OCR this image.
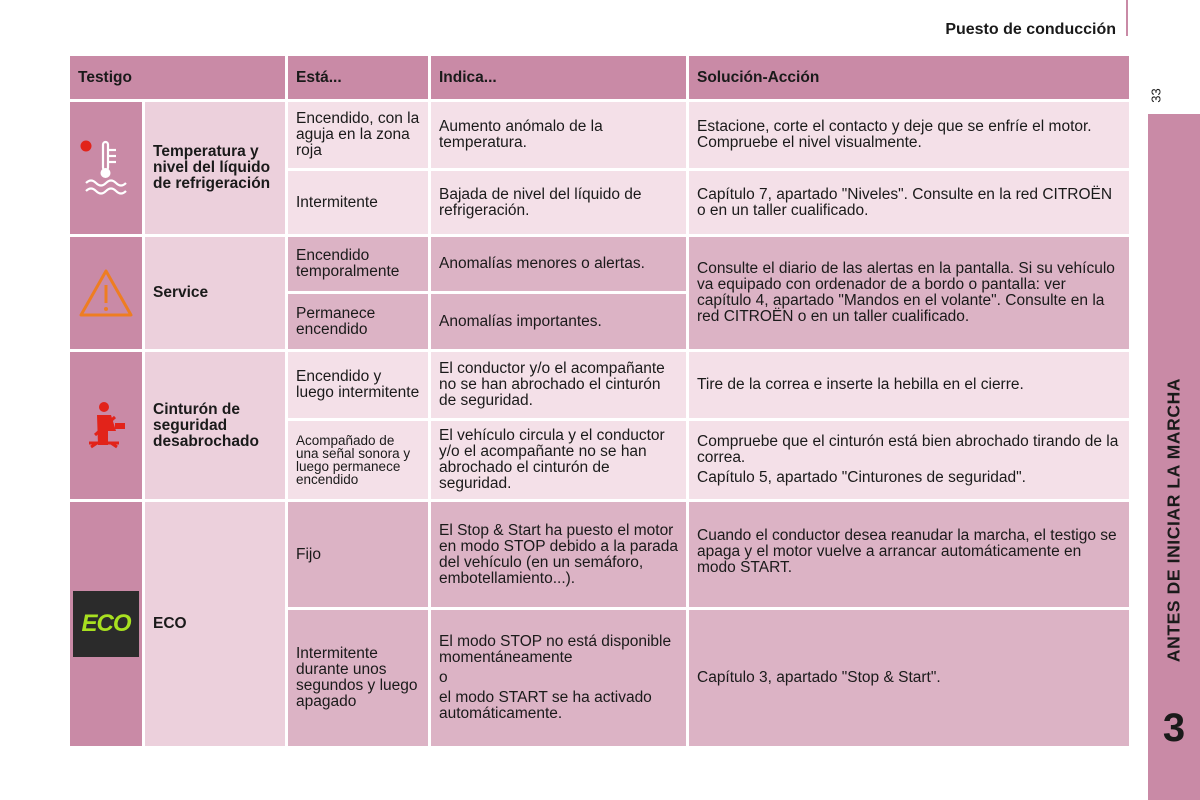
Puesto de conducción
33
ANTES DE INICIAR LA MARCHA
3
Testigo		Está...	Indica...	Solución-Acción

	Temperatura y nivel del líquido de refrigeración	Encendido, con la aguja en la zona roja	Aumento anómalo de la temperatura.	Estacione, corte el contacto y deje que se enfríe el motor. Compruebe el nivel visualmente.
		Intermitente	Bajada de nivel del líquido de refrigeración.	Capítulo 7, apartado "Niveles". Consulte en la red CITROËN o en un taller cualificado.

	Service	Encendido temporalmente	Anomalías menores o alertas.	Consulte el diario de las alertas en la pantalla. Si su vehículo va equipado con ordenador de a bordo o pantalla: ver capítulo 4, apartado "Mandos en el volante". Consulte en la red CITROËN o en un taller cualificado.
		Permanece encendido	Anomalías importantes.	

	Cinturón de seguridad desabrochado	Encendido y luego intermitente	El conductor y/o el acompañante no se han abrochado el cinturón de seguridad.	Tire de la correa e inserte la hebilla en el cierre.
		Acompañado de una señal sonora y luego permanece encendido	El vehículo circula y el conductor y/o el acompañante no se han abrochado el cinturón de seguridad.	Compruebe que el cinturón está bien abrochado tirando de la correa.
Capítulo 5, apartado "Cinturones de seguridad".

ECO	ECO	Fijo	El Stop & Start ha puesto el motor en modo STOP debido a la parada del vehículo (en un semáforo, embotellamiento...).	Cuando el conductor desea reanudar la marcha, el testigo se apaga y el motor vuelve a arrancar automáticamente en modo START.
		Intermitente durante unos segundos y luego apagado	El modo STOP no está disponible momentáneamente
o
el modo START se ha activado automáticamente.	Capítulo 3, apartado "Stop & Start".
